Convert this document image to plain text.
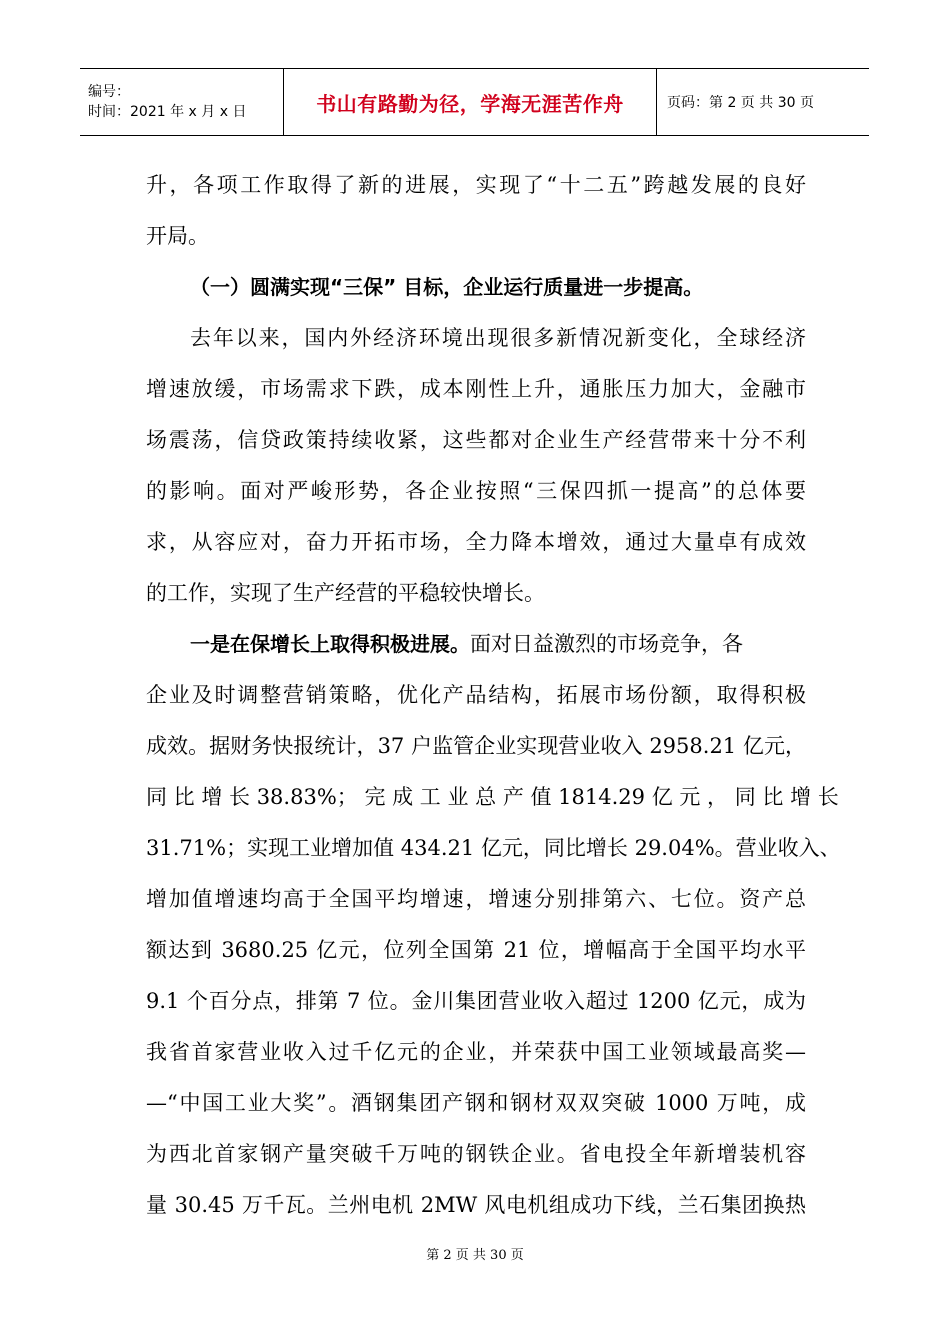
编号：
时间：2021 年 x 月 x 日	书山有路勤为径，学海无涯苦作舟	页码：第 2 页 共 30 页
升，各项工作取得了新的进展，实现了“十二五”跨越发展的良好
开局。
（一）圆满实现“三保” 目标，企业运行质量进一步提高。
去年以来，国内外经济环境出现很多新情况新变化，全球经济
增速放缓，市场需求下跌，成本刚性上升，通胀压力加大，金融市
场震荡，信贷政策持续收紧，这些都对企业生产经营带来十分不利
的影响。面对严峻形势，各企业按照“三保四抓一提高”的总体要
求，从容应对，奋力开拓市场，全力降本增效，通过大量卓有成效
的工作，实现了生产经营的平稳较快增长。
一是在保增长上取得积极进展。面对日益激烈的市场竞争，各
企业及时调整营销策略，优化产品结构，拓展市场份额，取得积极
成效。据财务快报统计，37 户监管企业实现营业收入 2958.21 亿元，
同 比 增 长 38.83%； 完 成 工 业 总 产 值 1814.29 亿 元 ， 同 比 增 长
31.71%；实现工业增加值 434.21 亿元，同比增长 29.04%。营业收入、
增加值增速均高于全国平均增速，增速分别排第六、七位。资产总
额达到 3680.25 亿元，位列全国第 21 位，增幅高于全国平均水平
9.1 个百分点，排第 7 位。金川集团营业收入超过 1200 亿元，成为
我省首家营业收入过千亿元的企业，并荣获中国工业领域最高奖—
—“中国工业大奖”。酒钢集团产钢和钢材双双突破 1000 万吨，成
为西北首家钢产量突破千万吨的钢铁企业。省电投全年新增装机容
量 30.45 万千瓦。兰州电机 2MW 风电机组成功下线，兰石集团换热
第 2 页 共 30 页
